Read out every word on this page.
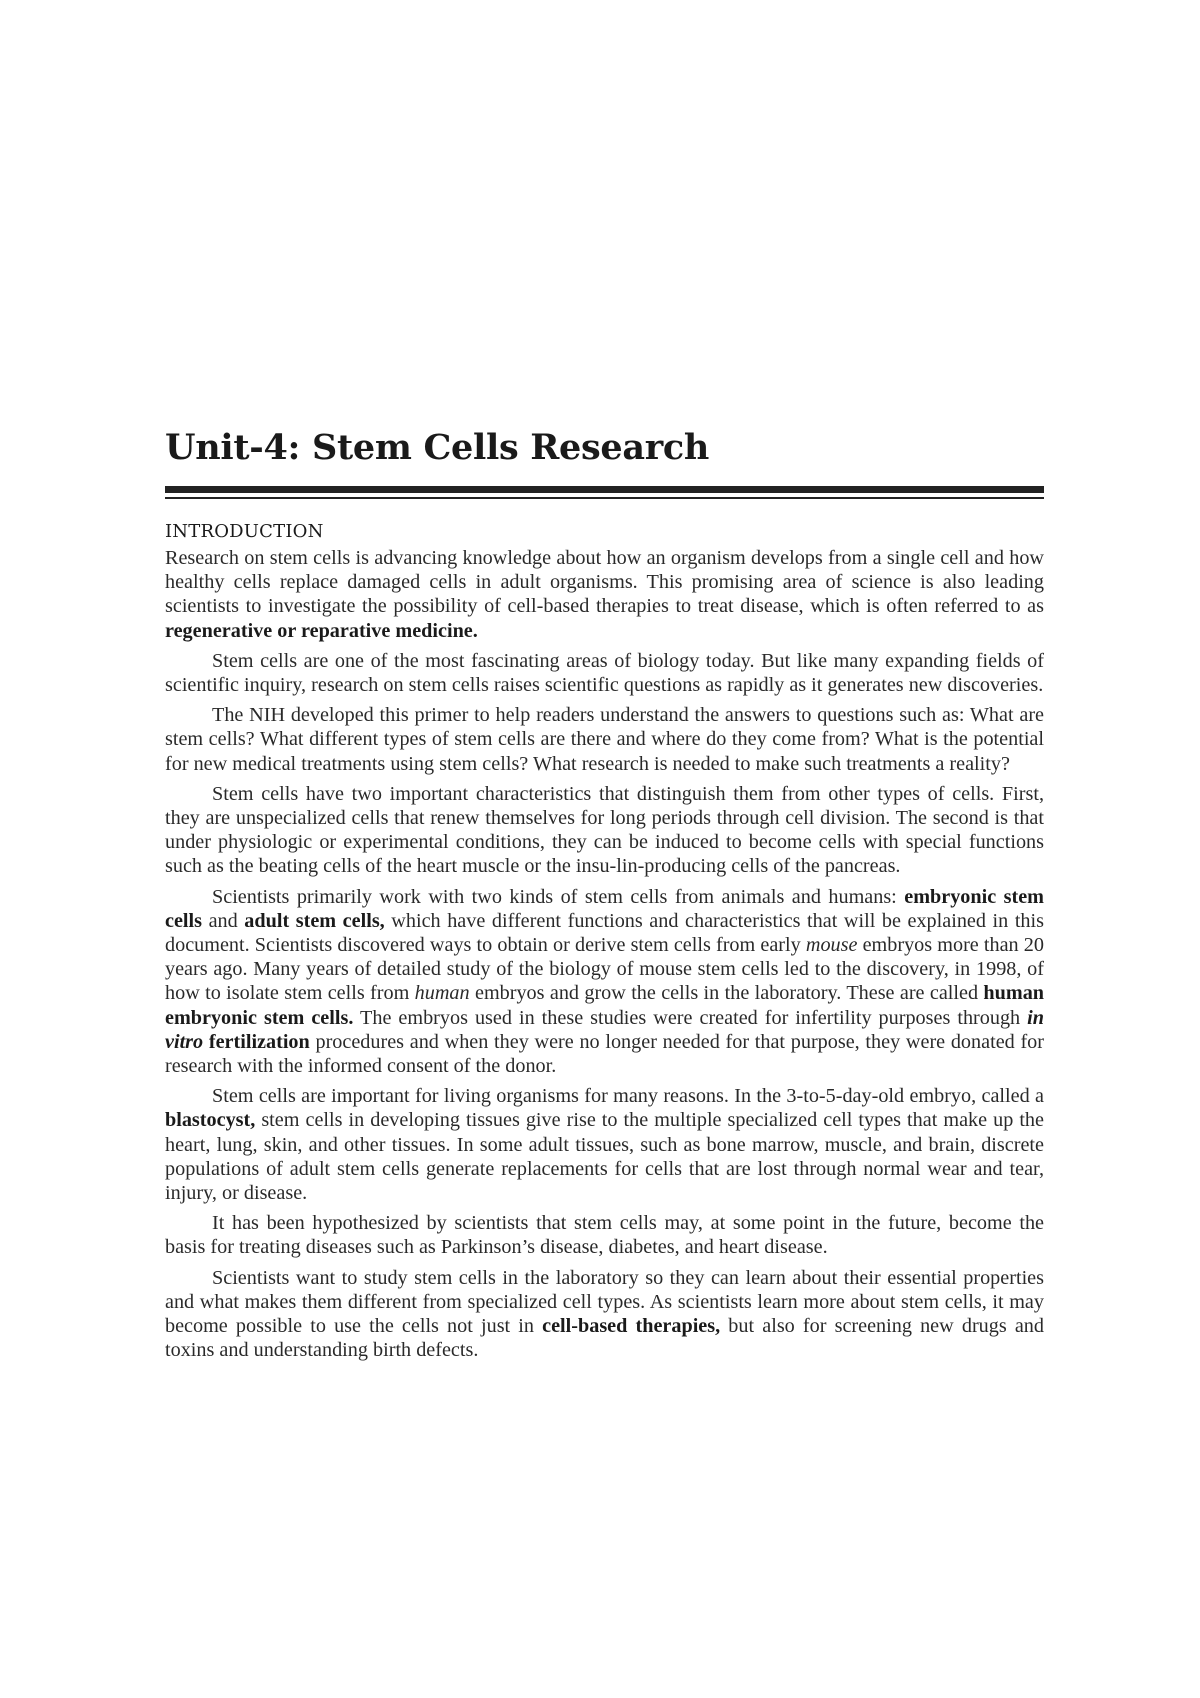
Unit-4: Stem Cells Research
INTRODUCTION

Research on stem cells is advancing knowledge about how an organism develops from a single cell and how healthy cells replace damaged cells in adult organisms. This promising area of science is also leading scientists to investigate the possibility of cell-based therapies to treat disease, which is often referred to as regenerative or reparative medicine.

Stem cells are one of the most fascinating areas of biology today. But like many expanding fields of scientific inquiry, research on stem cells raises scientific questions as rapidly as it generates new discoveries.

The NIH developed this primer to help readers understand the answers to questions such as: What are stem cells? What different types of stem cells are there and where do they come from? What is the potential for new medical treatments using stem cells? What research is needed to make such treatments a reality?

Stem cells have two important characteristics that distinguish them from other types of cells. First, they are unspecialized cells that renew themselves for long periods through cell division. The second is that under physiologic or experimental conditions, they can be induced to become cells with special functions such as the beating cells of the heart muscle or the insu-lin-producing cells of the pancreas.

Scientists primarily work with two kinds of stem cells from animals and humans: embryonic stem cells and adult stem cells, which have different functions and characteristics that will be explained in this document. Scientists discovered ways to obtain or derive stem cells from early mouse embryos more than 20 years ago. Many years of detailed study of the biology of mouse stem cells led to the discovery, in 1998, of how to isolate stem cells from human embryos and grow the cells in the laboratory. These are called human embryonic stem cells. The embryos used in these studies were created for infertility purposes through in vitro fertilization procedures and when they were no longer needed for that purpose, they were donated for research with the informed consent of the donor.

Stem cells are important for living organisms for many reasons. In the 3-to-5-day-old embryo, called a blastocyst, stem cells in developing tissues give rise to the multiple specialized cell types that make up the heart, lung, skin, and other tissues. In some adult tissues, such as bone marrow, muscle, and brain, discrete populations of adult stem cells generate replacements for cells that are lost through normal wear and tear, injury, or disease.

It has been hypothesized by scientists that stem cells may, at some point in the future, become the basis for treating diseases such as Parkinson’s disease, diabetes, and heart disease.

Scientists want to study stem cells in the laboratory so they can learn about their essential properties and what makes them different from specialized cell types. As scientists learn more about stem cells, it may become possible to use the cells not just in cell-based therapies, but also for screening new drugs and toxins and understanding birth defects.
